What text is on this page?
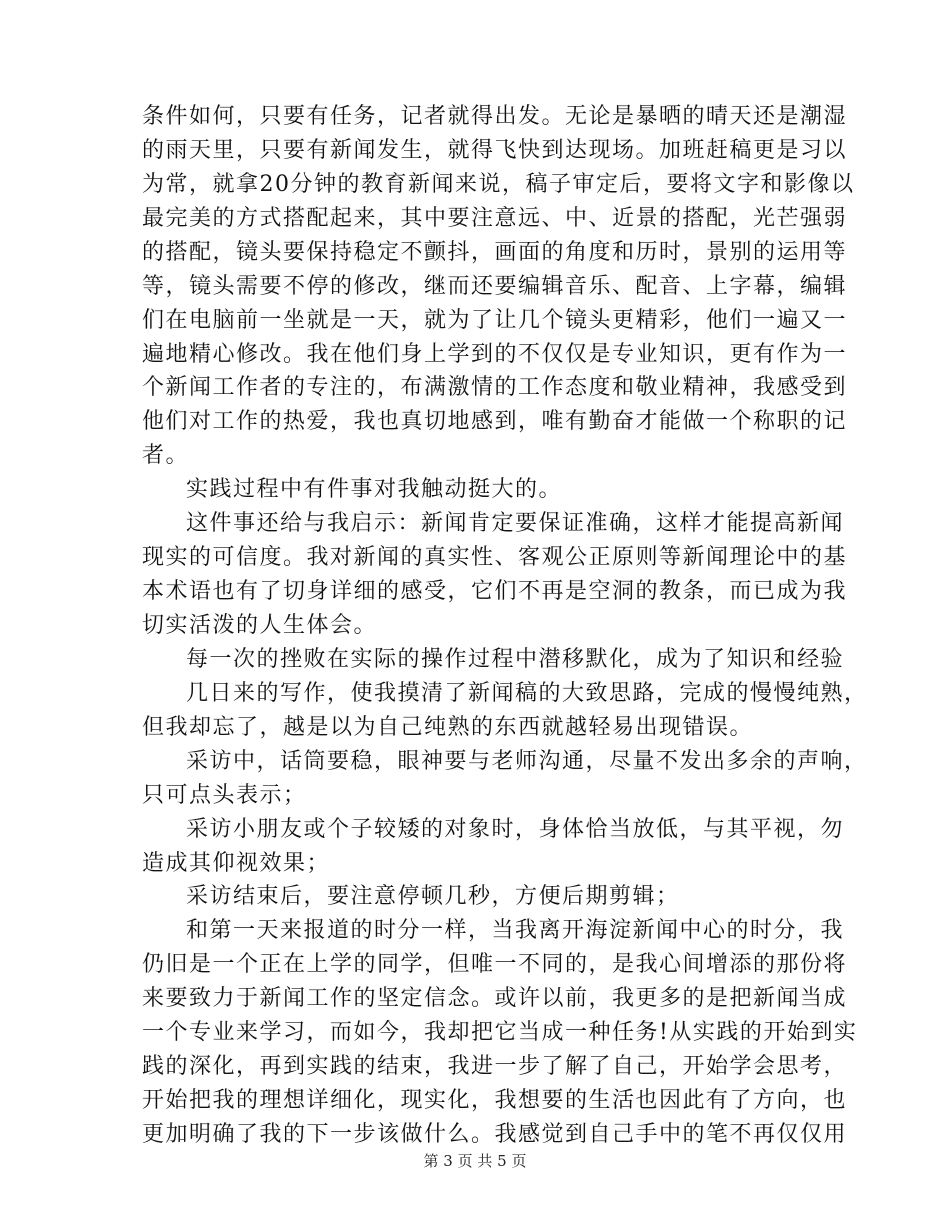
条件如何，只要有任务，记者就得出发。无论是暴晒的晴天还是潮湿
的雨天里，只要有新闻发生，就得飞快到达现场。加班赶稿更是习以
为常，就拿20分钟的教育新闻来说，稿子审定后，要将文字和影像以
最完美的方式搭配起来，其中要注意远、中、近景的搭配，光芒强弱
的搭配，镜头要保持稳定不颤抖，画面的角度和历时，景别的运用等
等，镜头需要不停的修改，继而还要编辑音乐、配音、上字幕，编辑
们在电脑前一坐就是一天，就为了让几个镜头更精彩，他们一遍又一
遍地精心修改。我在他们身上学到的不仅仅是专业知识，更有作为一
个新闻工作者的专注的，布满激情的工作态度和敬业精神，我感受到
他们对工作的热爱，我也真切地感到，唯有勤奋才能做一个称职的记
者。
实践过程中有件事对我触动挺大的。
这件事还给与我启示：新闻肯定要保证准确，这样才能提高新闻
现实的可信度。我对新闻的真实性、客观公正原则等新闻理论中的基
本术语也有了切身详细的感受，它们不再是空洞的教条，而已成为我
切实活泼的人生体会。
每一次的挫败在实际的操作过程中潜移默化，成为了知识和经验
几日来的写作，使我摸清了新闻稿的大致思路，完成的慢慢纯熟，
但我却忘了，越是以为自己纯熟的东西就越轻易出现错误。
采访中，话筒要稳，眼神要与老师沟通，尽量不发出多余的声响，
只可点头表示；
采访小朋友或个子较矮的对象时，身体恰当放低，与其平视，勿
造成其仰视效果；
采访结束后，要注意停顿几秒，方便后期剪辑；
和第一天来报道的时分一样，当我离开海淀新闻中心的时分，我
仍旧是一个正在上学的同学，但唯一不同的，是我心间增添的那份将
来要致力于新闻工作的坚定信念。或许以前，我更多的是把新闻当成
一个专业来学习，而如今，我却把它当成一种任务!从实践的开始到实
践的深化，再到实践的结束，我进一步了解了自己，开始学会思考，
开始把我的理想详细化，现实化，我想要的生活也因此有了方向，也
更加明确了我的下一步该做什么。我感觉到自己手中的笔不再仅仅用
第 3 页 共 5 页
